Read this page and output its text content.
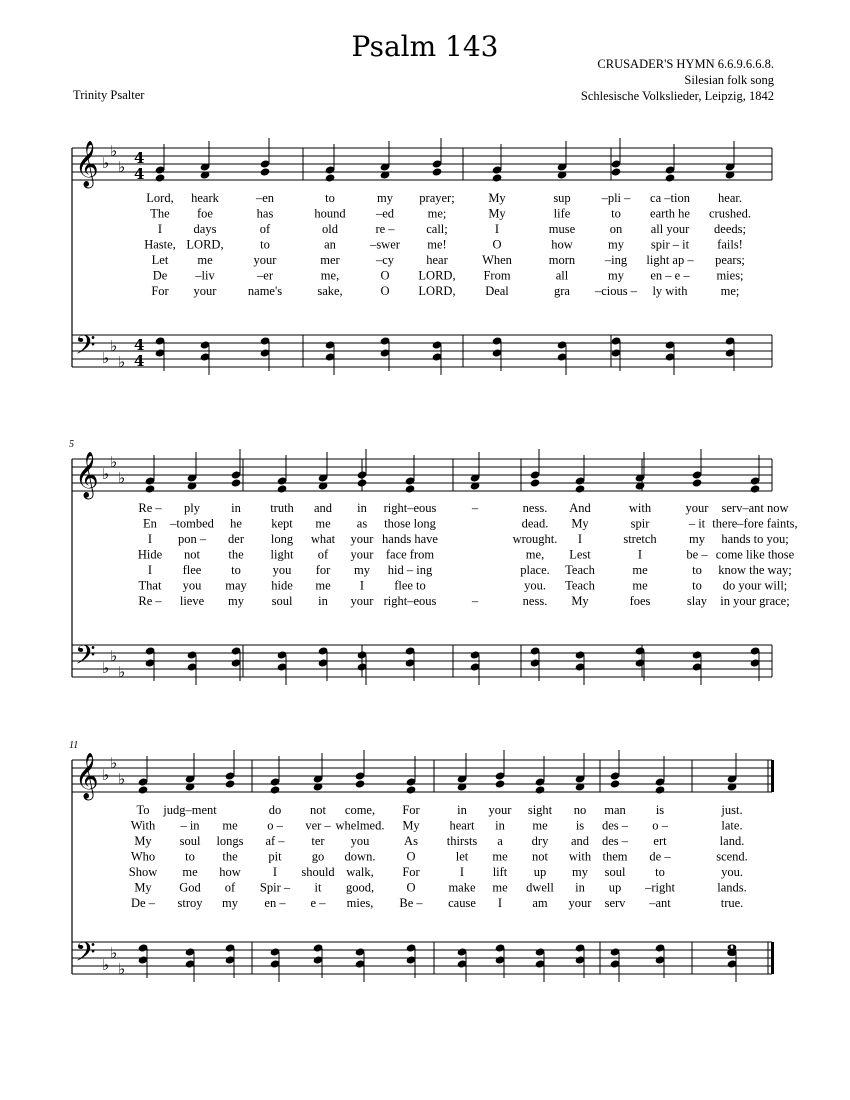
Psalm 143
CRUSADER'S HYMN 6.6.9.6.6.8.
Silesian folk song
Schlesische Volkslieder, Leipzig, 1842
Trinity Psalter
𝄞
𝄢
♭
♭
♭
♭
♭
♭
4
4
4
4
Lord, heark	–en	to	my prayer;	My	sup –pli – ca –tion hear.
The foe	has	hound –ed	me;	My	life	to earth he crushed.
I	days	of	old	re –	call;	I	muse	on all your deeds;
Haste, LORD,	to	an	–swer me!	O	how	my spir – it fails!
Let me	your	mer	–cy	hear	When	morn –ing light ap – pears;
De –liv	–er	me,	O LORD, From	all	my en – e – mies;
For your	name's	sake,	O LORD, Deal	gra –cious – ly with	me;
𝄞
𝄢
♭
♭
♭
♭
♭
♭
5
Re – ply in truth and in right–eous	–	ness. And	with	your serv–ant now
En –tombed he kept me as those long	dead. My	spir	– it there–fore faints,
I pon – der long what your hands have	wrought. I	stretch	my hands to you;
Hide not the light of your face from	me, Lest	I	be – come like those
I flee to	you for my hid – ing	place. Teach	me	to know the way;
That you may hide me I flee to	you. Teach	me	to do your will;
Re – lieve my soul in your right–eous	–	ness. My	foes	slay in your grace;
𝄞
𝄢
♭
♭
♭
♭
♭
♭
11
To judg–ment	do not come, For	in your sight no man is	just.
With – in me o – ver – whelmed. My heart in me is des – o –	late.
My soul longs af – ter you	As thirsts a dry and des – ert	land.
Who to the pit go down. O	let me not with them de –	scend.
Show me how	I should walk, For	I lift up my soul to	you.
My God of Spir – it good,	O	make me dwell in up –right	lands.
De – stroy my en – e – mies, Be – cause I am your serv –ant	true.
8
